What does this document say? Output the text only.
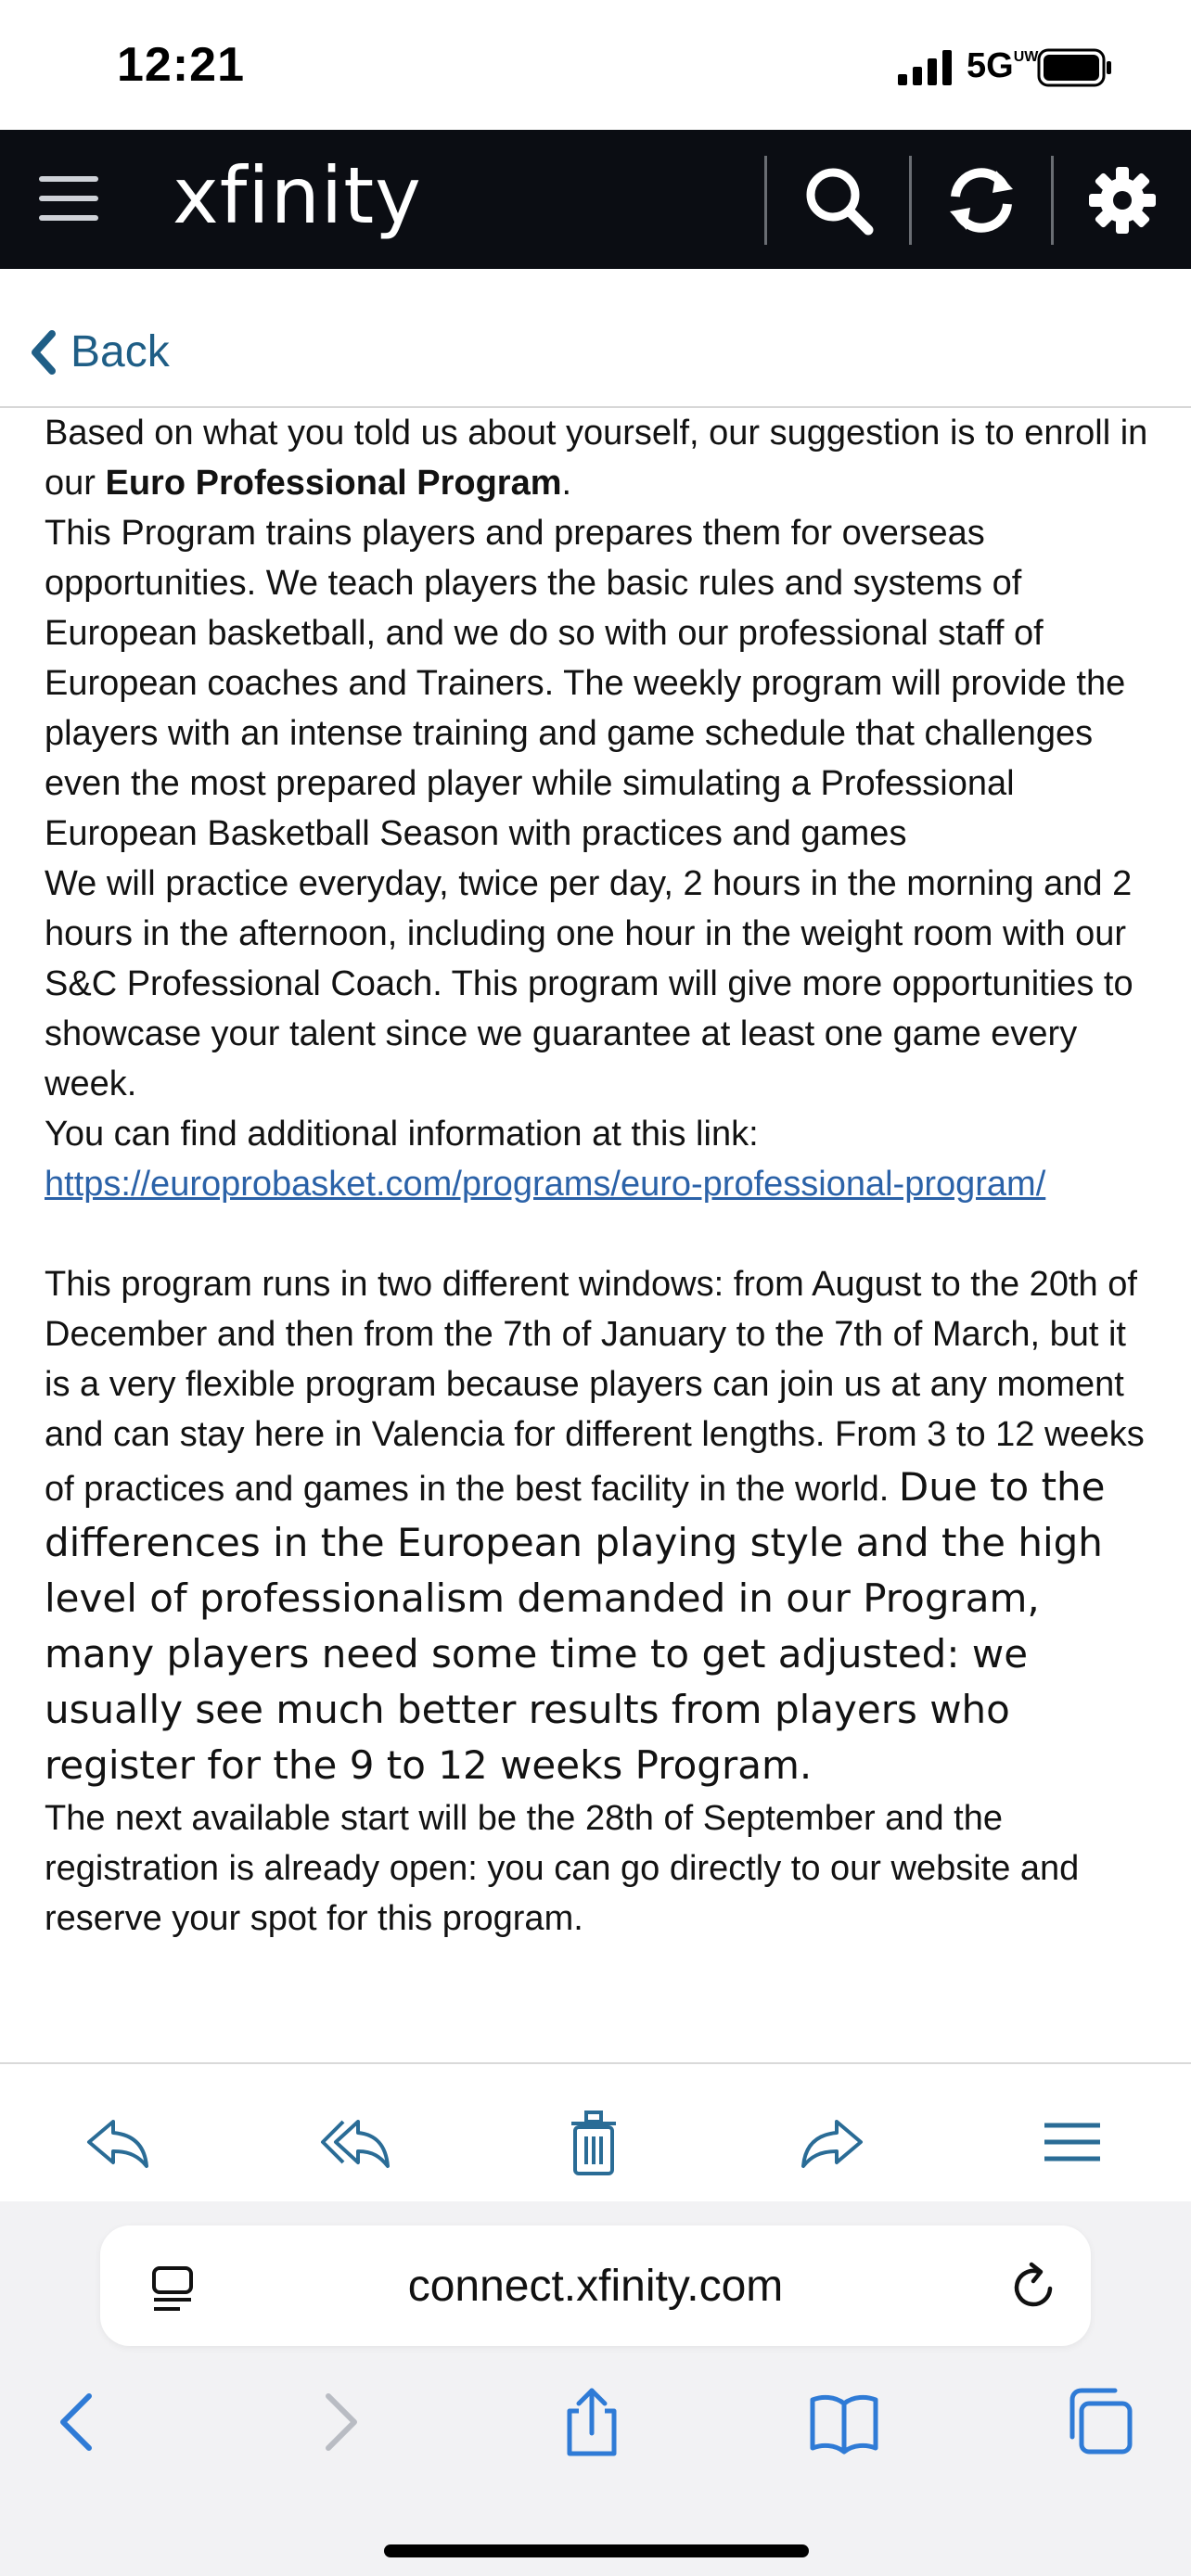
12:21	5GUW
xfinity
Back

Based on what you told us about yourself, our suggestion is to enroll in our Euro Professional Program.

This Program trains players and prepares them for overseas opportunities. We teach players the basic rules and systems of European basketball, and we do so with our professional staff of European coaches and Trainers. The weekly program will provide the players with an intense training and game schedule that challenges even the most prepared player while simulating a Professional European Basketball Season with practices and games

We will practice everyday, twice per day, 2 hours in the morning and 2 hours in the afternoon, including one hour in the weight room with our S&C Professional Coach. This program will give more opportunities to showcase your talent since we guarantee at least one game every week.

You can find additional information at this link: https://europrobasket.com/programs/euro-professional-program/

This program runs in two different windows: from August to the 20th of December and then from the 7th of January to the 7th of March, but it is a very flexible program because players can join us at any moment and can stay here in Valencia for different lengths. From 3 to 12 weeks of practices and games in the best facility in the world. Due to the differences in the European playing style and the high level of professionalism demanded in our Program, many players need some time to get adjusted: we usually see much better results from players who register for the 9 to 12 weeks Program.

The next available start will be the 28th of September and the registration is already open: you can go directly to our website and reserve your spot for this program.

connect.xfinity.com
